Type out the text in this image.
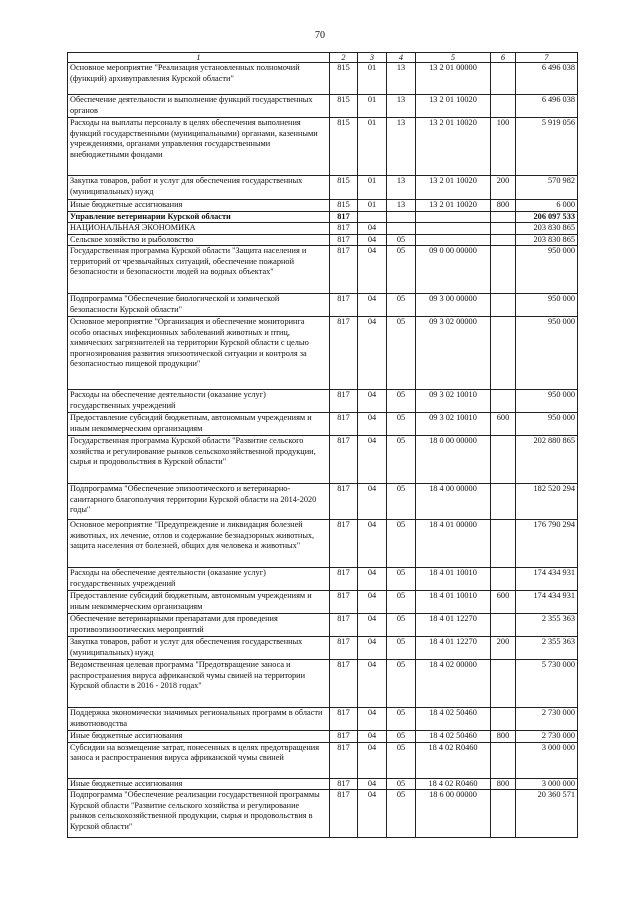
70
1	2	3	4	5	6	7
Основное мероприятие "Реализация установленных полномочий (функций) архивуправления Курской области"	815	01	13	13 2 01 00000		6 496 038
Обеспечение деятельности и выполнение функций государственных органов	815	01	13	13 2 01 10020		6 496 038
Расходы на выплаты персоналу в целях обеспечения выполнения функций государственными (муниципальными) органами, казенными учреждениями, органами управления государственными внебюджетными фондами	815	01	13	13 2 01 10020	100	5 919 056
Закупка товаров, работ и услуг для обеспечения государственных (муниципальных) нужд	815	01	13	13 2 01 10020	200	570 982
Иные бюджетные ассигнования	815	01	13	13 2 01 10020	800	6 000
Управление ветеринарии Курской области	817					206 097 533
НАЦИОНАЛЬНАЯ ЭКОНОМИКА	817	04				203 830 865
Сельское хозяйство и рыболовство	817	04	05			203 830 865
Государственная программа Курской области "Защита населения и территорий от чрезвычайных ситуаций, обеспечение пожарной безопасности и безопасности людей на водных объектах"	817	04	05	09 0 00 00000		950 000
Подпрограмма "Обеспечение биологической и химической безопасности Курской области"	817	04	05	09 3 00 00000		950 000
Основное мероприятие "Организация и обеспечение мониторинга особо опасных инфекционных заболеваний животных и птиц, химических загрязнителей на территории Курской области с целью прогнозирования развития эпизоотической ситуации и контроля за безопасностью пищевой продукции"	817	04	05	09 3 02 00000		950 000
Расходы на обеспечение деятельности (оказание услуг) государственных учреждений	817	04	05	09 3 02 10010		950 000
Предоставление субсидий бюджетным, автономным учреждениям и иным некоммерческим организациям	817	04	05	09 3 02 10010	600	950 000
Государственная программа Курской области "Развитие сельского хозяйства и регулирование рынков сельскохозяйственной продукции, сырья и продовольствия в Курской области"	817	04	05	18 0 00 00000		202 880 865
Подпрограмма "Обеспечение эпизоотического и ветеринарно-санитарного благополучия территории Курской области на 2014-2020 годы"	817	04	05	18 4 00 00000		182 520 294
Основное мероприятие "Предупреждение и ликвидация болезней животных, их лечение, отлов и содержание безнадзорных животных, защита населения от болезней, общих для человека и животных"	817	04	05	18 4 01 00000		176 790 294
Расходы на обеспечение деятельности (оказание услуг) государственных учреждений	817	04	05	18 4 01 10010		174 434 931
Предоставление субсидий бюджетным, автономным учреждениям и иным некоммерческим организациям	817	04	05	18 4 01 10010	600	174 434 931
Обеспечение ветеринарными препаратами для проведения противоэпизоотических мероприятий	817	04	05	18 4 01 12270		2 355 363
Закупка товаров, работ и услуг для обеспечения государственных (муниципальных) нужд	817	04	05	18 4 01 12270	200	2 355 363
Ведомственная целевая программа "Предотвращение заноса и распространения вируса африканской чумы свиней на территории Курской области в 2016 - 2018 годах"	817	04	05	18 4 02 00000		5 730 000
Поддержка экономически значимых региональных программ в области животноводства	817	04	05	18 4 02 50460		2 730 000
Иные бюджетные ассигнования	817	04	05	18 4 02 50460	800	2 730 000
Субсидии на возмещение затрат, понесенных в целях предотвращения заноса и распространения вируса африканской чумы свиней	817	04	05	18 4 02 R0460		3 000 000
Иные бюджетные ассигнования	817	04	05	18 4 02 R0460	800	3 000 000
Подпрограмма "Обеспечение реализации государственной программы Курской области "Развитие сельского хозяйства и регулирование рынков сельскохозяйственной продукции, сырья и продовольствия в Курской области"	817	04	05	18 6 00 00000		20 360 571
